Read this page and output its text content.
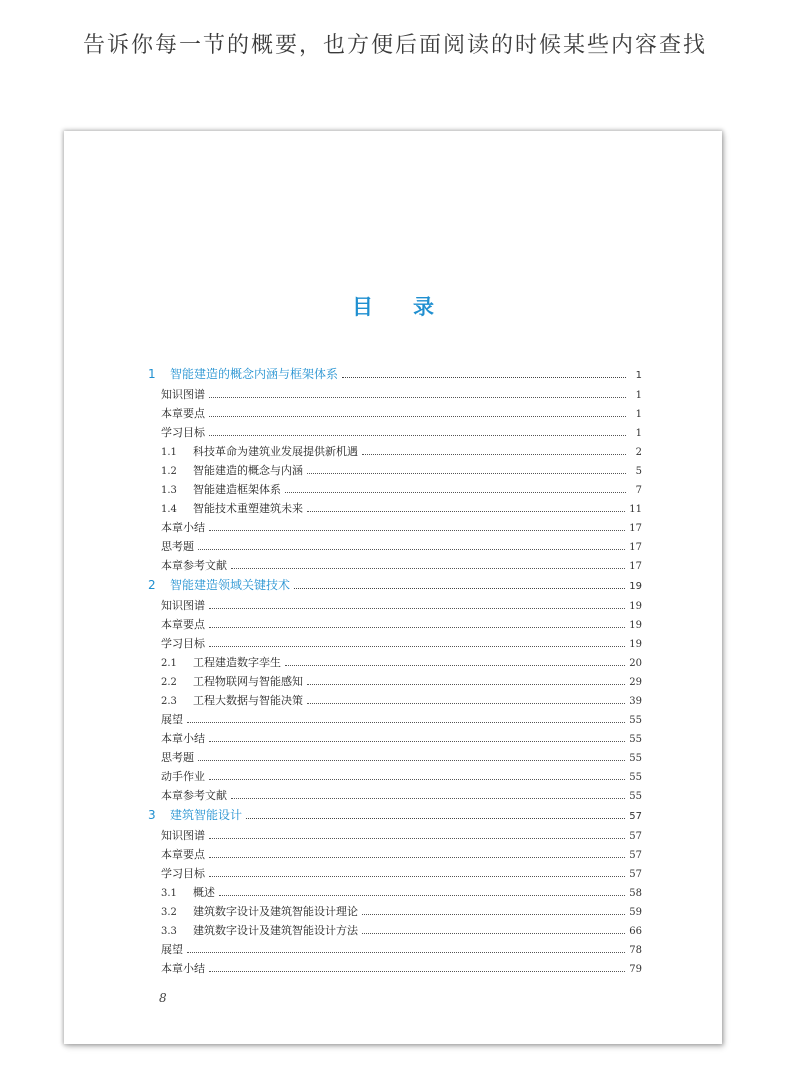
告诉你每一节的概要，也方便后面阅读的时候某些内容查找
目 录
1	智能建造的概念内涵与框架体系	1
知识图谱	1
本章要点	1
学习目标	1
1.1	科技革命为建筑业发展提供新机遇	2
1.2	智能建造的概念与内涵	5
1.3	智能建造框架体系	7
1.4	智能技术重塑建筑未来	11
本章小结	17
思考题	17
本章参考文献	17
2	智能建造领域关键技术	19
知识图谱	19
本章要点	19
学习目标	19
2.1	工程建造数字孪生	20
2.2	工程物联网与智能感知	29
2.3	工程大数据与智能决策	39
展望	55
本章小结	55
思考题	55
动手作业	55
本章参考文献	55
3	建筑智能设计	57
知识图谱	57
本章要点	57
学习目标	57
3.1	概述	58
3.2	建筑数字设计及建筑智能设计理论	59
3.3	建筑数字设计及建筑智能设计方法	66
展望	78
本章小结	79
8
